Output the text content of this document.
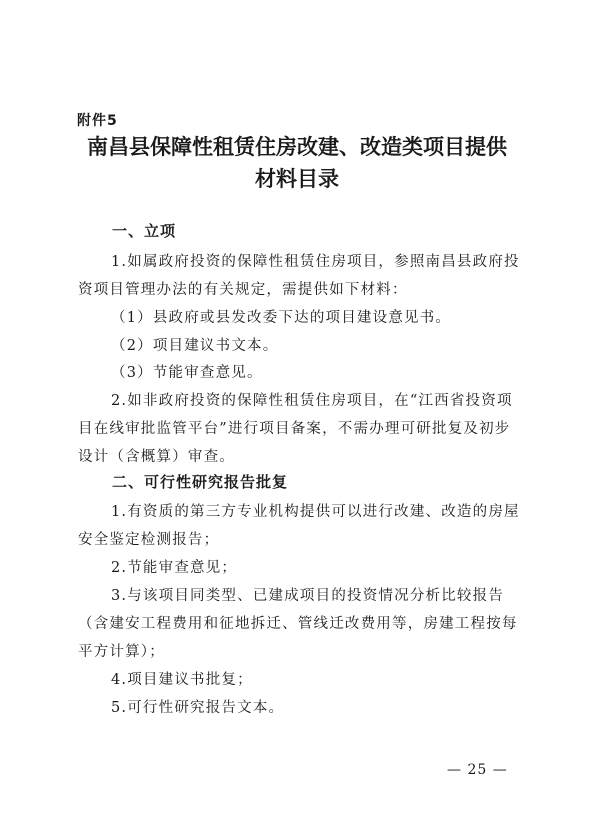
附件5
南昌县保障性租赁住房改建、改造类项目提供
材料目录
一、立项
1.如属政府投资的保障性租赁住房项目，参照南昌县政府投
资项目管理办法的有关规定，需提供如下材料：
（1）县政府或县发改委下达的项目建设意见书。
（2）项目建议书文本。
（3）节能审查意见。
2.如非政府投资的保障性租赁住房项目，在“江西省投资项
目在线审批监管平台”进行项目备案，不需办理可研批复及初步
设计（含概算）审查。
二、可行性研究报告批复
1.有资质的第三方专业机构提供可以进行改建、改造的房屋
安全鉴定检测报告；
2.节能审查意见；
3.与该项目同类型、已建成项目的投资情况分析比较报告
（含建安工程费用和征地拆迁、管线迁改费用等，房建工程按每
平方计算）；
4.项目建议书批复；
5.可行性研究报告文本。
— 25 —
